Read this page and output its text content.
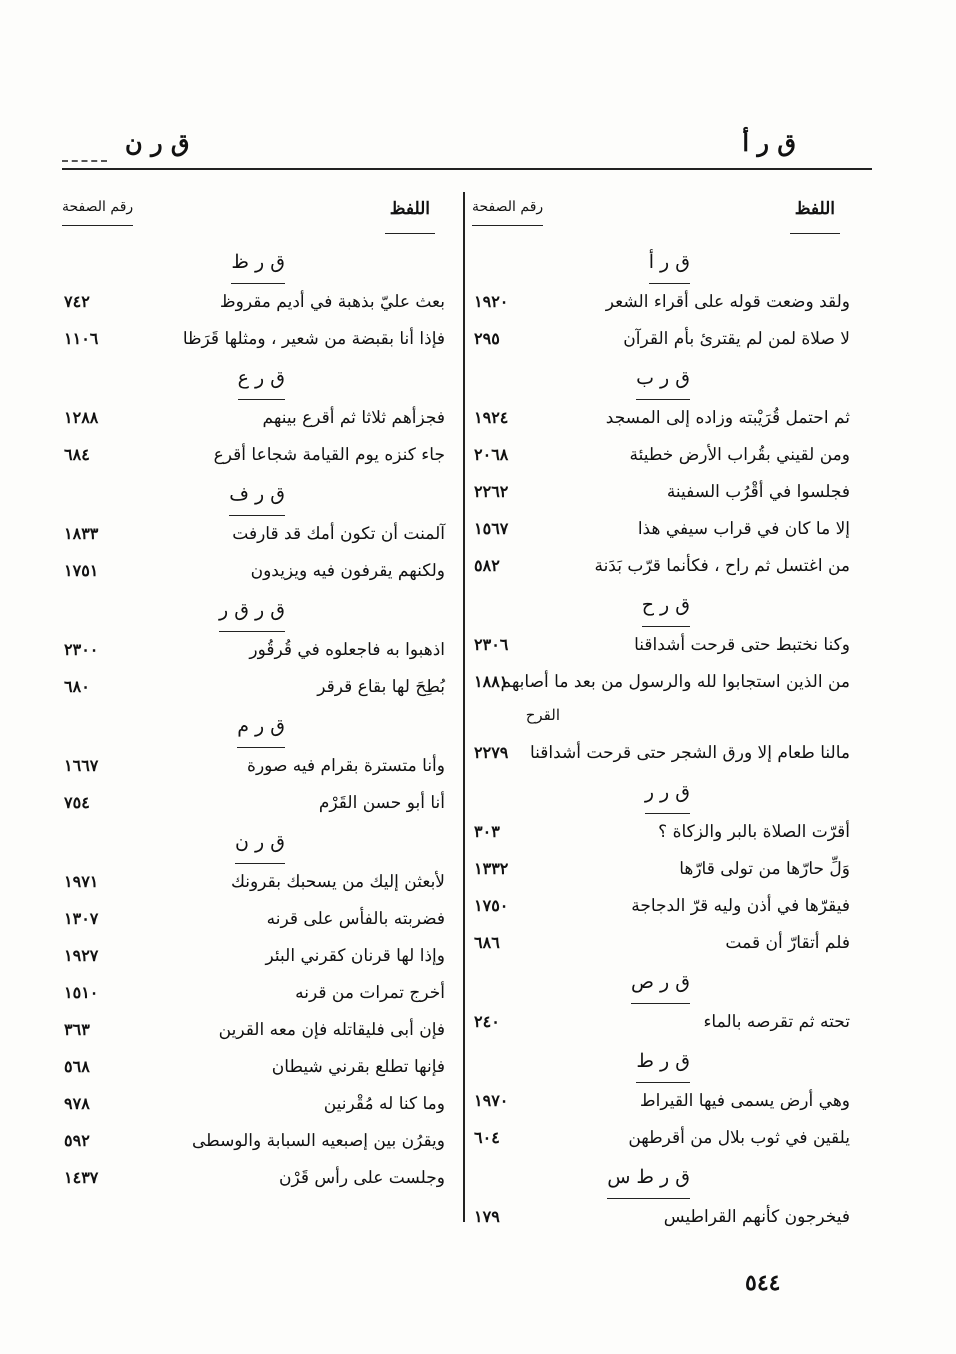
ق ر أ
ق ر ن
اللفظ
رقم الصفحة
ق ر أ
ولقد وضعت قوله على أقراء الشعر
١٩٢٠
لا صلاة لمن لم يقترئ بأم القرآن
٢٩٥
ق ر ب
ثم احتمل قُرَيْبته وزاده إلى المسجد
١٩٢٤
ومن لقيني بقُراب الأرض خطيئة
٢٠٦٨
فجلسوا في أقْرُب السفينة
٢٢٦٢
إلا ما كان في قراب سيفي هذا
١٥٦٧
من اغتسل ثم راح ، فكأنما قرّب بَدَنة
٥٨٢
ق ر ح
وكنا نختبط حتى قرحت أشداقنا
٢٣٠٦
من الذين استجابوا لله والرسول من بعد ما أصابهم
١٨٨١
القرح
مالنا طعام إلا ورق الشجر حتى قرحت أشداقنا
٢٢٧٩
ق ر ر
أقرّت الصلاة بالبر والزكاة ؟
٣٠٣
وَلِّ حارّها من تولى قارّها
١٣٣٢
فيقرّها في أذن وليه قرّ الدجاجة
١٧٥٠
فلم أتقارّ أن قمت
٦٨٦
ق ر ص
تحته ثم تقرصه بالماء
٢٤٠
ق ر ط
وهي أرض يسمى فيها القيراط
١٩٧٠
يلقين في ثوب بلال من أقرطهن
٦٠٤
ق ر ط س
فيخرجون كأنهم القراطيس
١٧٩
اللفظ
رقم الصفحة
ق ر ظ
بعث عليّ بذهبة في أديم مقروظ
٧٤٢
فإذا أنا بقبضة من شعير ، ومثلها قَرَظا
١١٠٦
ق ر ع
فجزأهم ثلاثا ثم أقرع بينهم
١٢٨٨
جاء كنزه يوم القيامة شجاعا أقرع
٦٨٤
ق ر ف
آلمنت أن تكون أمك قد قارفت
١٨٣٣
ولكنهم يقرفون فيه ويزيدون
١٧٥١
ق ر ق ر
اذهبوا به فاجعلوه في قُرقُور
٢٣٠٠
بُطِحَ لها بقاع قرقر
٦٨٠
ق ر م
وأنا متسترة بقرام فيه صورة
١٦٦٧
أنا أبو حسن القَرْم
٧٥٤
ق ر ن
لأبعثن إليك من يسحبك بقرونك
١٩٧١
فضربته بالفأس على قرنه
١٣٠٧
وإذا لها قرنان كقرني البئر
١٩٢٧
أخرج تمرات من قرنه
١٥١٠
فإن أبى فليقاتله فإن معه القرين
٣٦٣
فإنها تطلع بقرني شيطان
٥٦٨
وما كنا له مُقْرنين
٩٧٨
ويقرُن بين إصبعيه السبابة والوسطى
٥٩٢
وجلست على رأس قَرْن
١٤٣٧
٥٤٤
